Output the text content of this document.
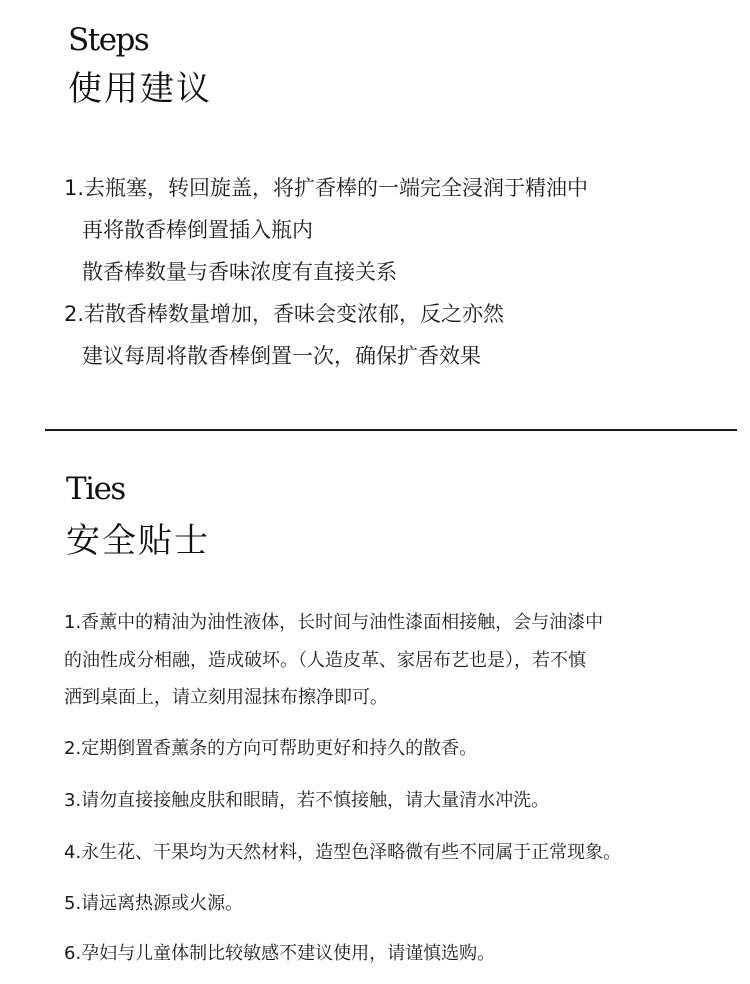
Steps
使用建议
1.去瓶塞，转回旋盖，将扩香棒的一端完全浸润于精油中
再将散香棒倒置插入瓶内
散香棒数量与香味浓度有直接关系
2.若散香棒数量增加，香味会变浓郁，反之亦然
建议每周将散香棒倒置一次，确保扩香效果
Ties
安全贴士
1.香薰中的精油为油性液体，长时间与油性漆面相接触，会与油漆中
的油性成分相融，造成破坏。（人造皮革、家居布艺也是），若不慎
洒到桌面上，请立刻用湿抹布擦净即可。
2.定期倒置香薰条的方向可帮助更好和持久的散香。
3.请勿直接接触皮肤和眼睛，若不慎接触，请大量清水冲洗。
4.永生花、干果均为天然材料，造型色泽略微有些不同属于正常现象。
5.请远离热源或火源。
6.孕妇与儿童体制比较敏感不建议使用，请谨慎选购。
